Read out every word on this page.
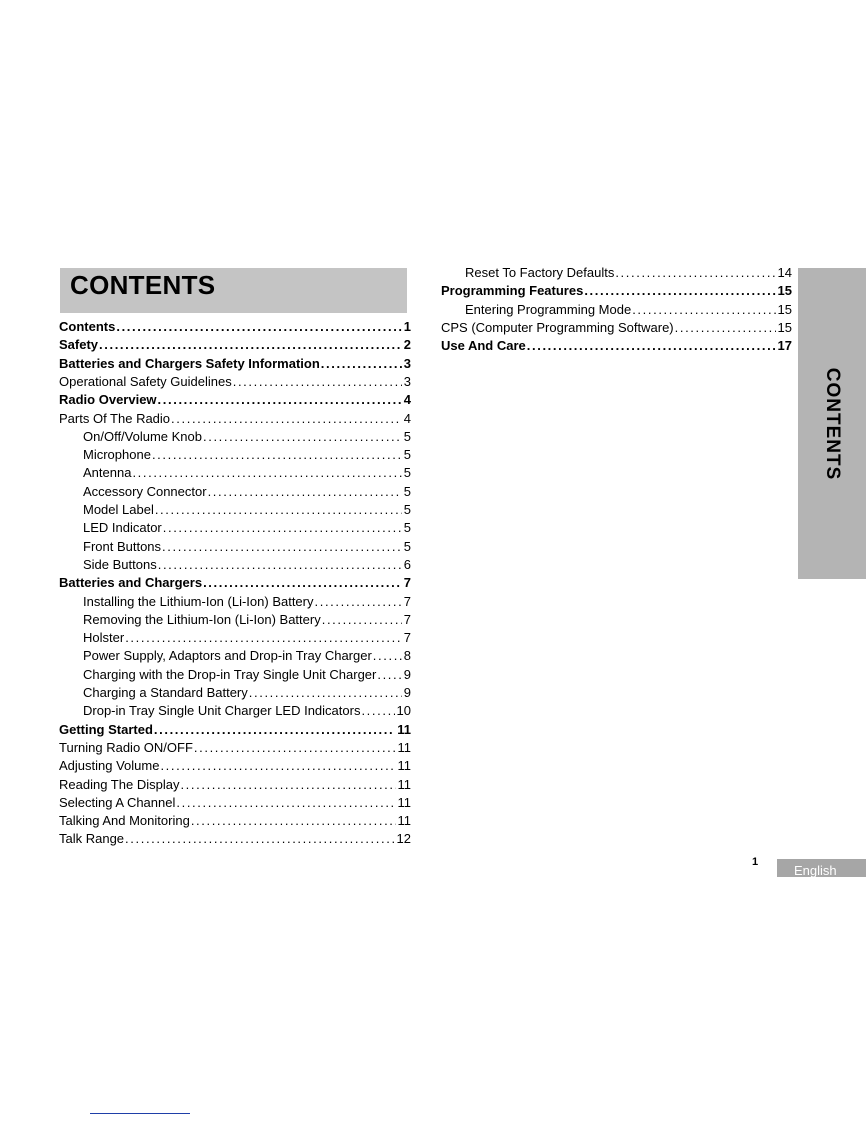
CONTENTS
Contents . . .	1
Safety . . .	2
Batteries and Chargers Safety Information . . .	3
Operational Safety Guidelines . . .	3
Radio Overview . . .	4
Parts Of The Radio . . .	4
On/Off/Volume Knob . . .	5
Microphone . . .	5
Antenna . . .	5
Accessory Connector . . .	5
Model Label . . .	5
LED Indicator . . .	5
Front Buttons . . .	5
Side Buttons . . .	6
Batteries and Chargers . . .	7
Installing the Lithium-Ion (Li-Ion) Battery . . .	7
Removing the Lithium-Ion (Li-Ion) Battery . . .	7
Holster . . .	7
Power Supply, Adaptors and Drop-in Tray Charger . . . 8
Charging with the Drop-in Tray Single Unit Charger . . . 9
Charging a Standard Battery . . .	9
Drop-in Tray Single Unit Charger LED Indicators . . .	10
Getting Started . . .	11
Turning Radio ON/OFF . . .	11
Adjusting Volume . . .	11
Reading The Display . . .	11
Selecting A Channel . . .	11
Talking And Monitoring . . .	11
Talk Range . . .	12
Reset To Factory Defaults . . .	14
Programming Features . . .	15
Entering Programming Mode . . .	15
CPS (Computer Programming Software) . . .	15
Use And Care . . .	17
CONTENTS
1
English
